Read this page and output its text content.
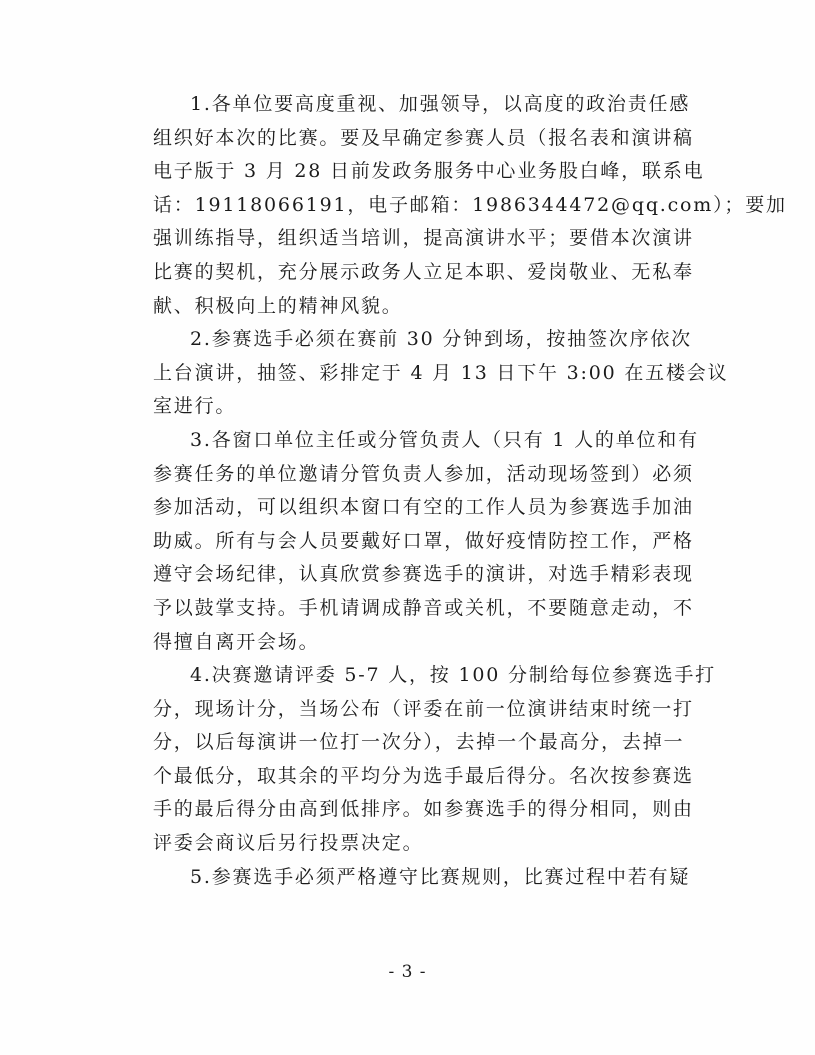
1.各单位要高度重视、加强领导，以高度的政治责任感
组织好本次的比赛。要及早确定参赛人员（报名表和演讲稿
电子版于 3 月 28 日前发政务服务中心业务股白峰，联系电
话：19118066191，电子邮箱：1986344472@qq.com）；要加
强训练指导，组织适当培训，提高演讲水平；要借本次演讲
比赛的契机，充分展示政务人立足本职、爱岗敬业、无私奉
献、积极向上的精神风貌。

2.参赛选手必须在赛前 30 分钟到场，按抽签次序依次
上台演讲，抽签、彩排定于 4 月 13 日下午 3:00 在五楼会议
室进行。

3.各窗口单位主任或分管负责人（只有 1 人的单位和有
参赛任务的单位邀请分管负责人参加，活动现场签到）必须
参加活动，可以组织本窗口有空的工作人员为参赛选手加油
助威。所有与会人员要戴好口罩，做好疫情防控工作，严格
遵守会场纪律，认真欣赏参赛选手的演讲，对选手精彩表现
予以鼓掌支持。手机请调成静音或关机，不要随意走动，不
得擅自离开会场。

4.决赛邀请评委 5-7 人，按 100 分制给每位参赛选手打
分，现场计分，当场公布（评委在前一位演讲结束时统一打
分，以后每演讲一位打一次分），去掉一个最高分，去掉一
个最低分，取其余的平均分为选手最后得分。名次按参赛选
手的最后得分由高到低排序。如参赛选手的得分相同，则由
评委会商议后另行投票决定。

5.参赛选手必须严格遵守比赛规则，比赛过程中若有疑

- 3 -
